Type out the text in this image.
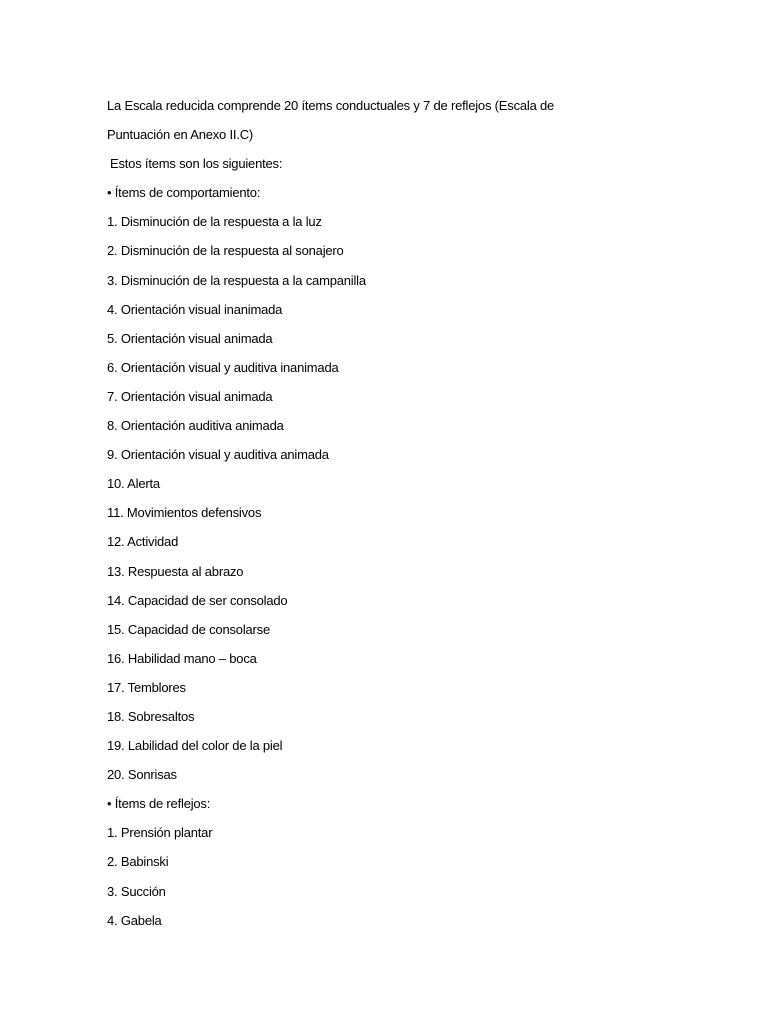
La Escala reducida comprende 20 ítems conductuales y 7 de reflejos (Escala de
Puntuación en Anexo II.C)
Estos ítems son los siguientes:
• Ítems de comportamiento:
1. Disminución de la respuesta a la luz
2. Disminución de la respuesta al sonajero
3. Disminución de la respuesta a la campanilla
4. Orientación visual inanimada
5. Orientación visual animada
6. Orientación visual y auditiva inanimada
7. Orientación visual animada
8. Orientación auditiva animada
9. Orientación visual y auditiva animada
10. Alerta
11. Movimientos defensivos
12. Actividad
13. Respuesta al abrazo
14. Capacidad de ser consolado
15. Capacidad de consolarse
16. Habilidad mano – boca
17. Temblores
18. Sobresaltos
19. Labilidad del color de la piel
20. Sonrisas
• Ítems de reflejos:
1. Prensión plantar
2. Babinski
3. Succión
4. Gabela
